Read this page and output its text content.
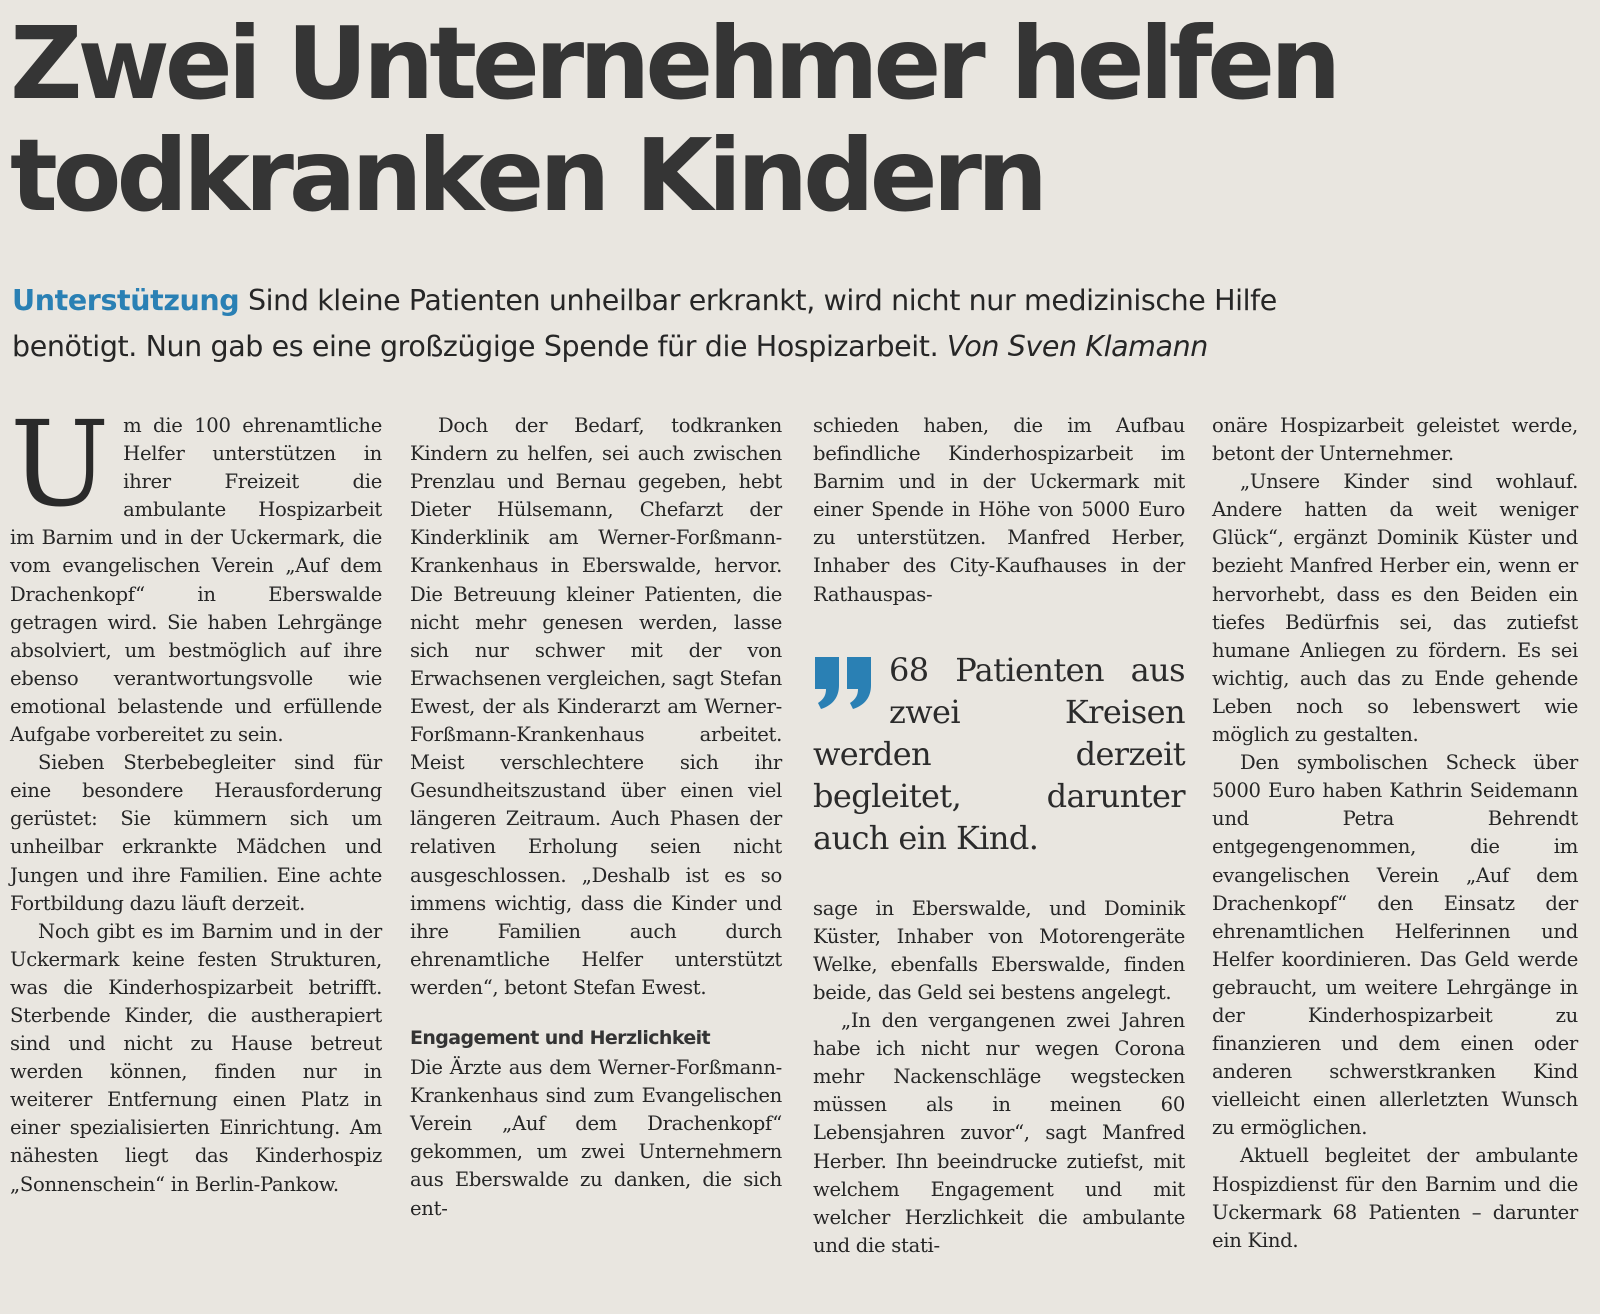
Zwei Unternehmer helfen
todkranken Kindern
Unterstützung Sind kleine Patienten unheilbar erkrankt, wird nicht nur medizinische Hilfe
benötigt. Nun gab es eine großzügige Spende für die Hospizarbeit. Von Sven Klamann
U m die 100 ehrenamtliche Helfer unterstützen in ihrer Freizeit die ambulante Hospizarbeit im Barnim und in der Uckermark, die vom evangelischen Verein „Auf dem Drachenkopf“ in Eberswalde getragen wird. Sie haben Lehrgänge absolviert, um bestmöglich auf ihre ebenso verantwortungsvolle wie emotional belastende und erfüllende Aufgabe vorbereitet zu sein.

Sieben Sterbebegleiter sind für eine besondere Herausforderung gerüstet: Sie kümmern sich um unheilbar erkrankte Mädchen und Jungen und ihre Familien. Eine achte Fortbildung dazu läuft derzeit.

Noch gibt es im Barnim und in der Uckermark keine festen Strukturen, was die Kinderhospizarbeit betrifft. Sterbende Kinder, die austherapiert sind und nicht zu Hause betreut werden können, finden nur in weiterer Entfernung einen Platz in einer spezialisierten Einrichtung. Am nähesten liegt das Kinderhospiz „Sonnenschein“ in Berlin-Pankow.

Doch der Bedarf, todkranken Kindern zu helfen, sei auch zwischen Prenzlau und Bernau gegeben, hebt Dieter Hülsemann, Chefarzt der Kinderklinik am Werner-Forßmann-Krankenhaus in Eberswalde, hervor. Die Betreuung kleiner Patienten, die nicht mehr genesen werden, lasse sich nur schwer mit der von Erwachsenen vergleichen, sagt Stefan Ewest, der als Kinderarzt am Werner-Forßmann-Krankenhaus arbeitet. Meist verschlechtere sich ihr Gesundheitszustand über einen viel längeren Zeitraum. Auch Phasen der relativen Erholung seien nicht ausgeschlossen. „Deshalb ist es so immens wichtig, dass die Kinder und ihre Familien auch durch ehrenamtliche Helfer unterstützt werden“, betont Stefan Ewest.

Engagement und Herzlichkeit

Die Ärzte aus dem Werner-Forßmann-Krankenhaus sind zum Evangelischen Verein „Auf dem Drachenkopf“ gekommen, um zwei Unternehmern aus Eberswalde zu danken, die sich ent-

schieden haben, die im Aufbau befindliche Kinderhospizarbeit im Barnim und in der Uckermark mit einer Spende in Höhe von 5000 Euro zu unterstützen. Manfred Herber, Inhaber des City-Kaufhauses in der Rathauspas-

68 Patienten aus zwei Kreisen werden derzeit begleitet, darunter auch ein Kind.

sage in Eberswalde, und Dominik Küster, Inhaber von Motorengeräte Welke, ebenfalls Eberswalde, finden beide, das Geld sei bestens angelegt.

„In den vergangenen zwei Jahren habe ich nicht nur wegen Corona mehr Nackenschläge wegstecken müssen als in meinen 60 Lebensjahren zuvor“, sagt Manfred Herber. Ihn beeindrucke zutiefst, mit welchem Engagement und mit welcher Herzlichkeit die ambulante und die stati-

onäre Hospizarbeit geleistet werde, betont der Unternehmer.

„Unsere Kinder sind wohlauf. Andere hatten da weit weniger Glück“, ergänzt Dominik Küster und bezieht Manfred Herber ein, wenn er hervorhebt, dass es den Beiden ein tiefes Bedürfnis sei, das zutiefst humane Anliegen zu fördern. Es sei wichtig, auch das zu Ende gehende Leben noch so lebenswert wie möglich zu gestalten.

Den symbolischen Scheck über 5000 Euro haben Kathrin Seidemann und Petra Behrendt entgegengenommen, die im evangelischen Verein „Auf dem Drachenkopf“ den Einsatz der ehrenamtlichen Helferinnen und Helfer koordinieren. Das Geld werde gebraucht, um weitere Lehrgänge in der Kinderhospizarbeit zu finanzieren und dem einen oder anderen schwerstkranken Kind vielleicht einen allerletzten Wunsch zu ermöglichen.

Aktuell begleitet der ambulante Hospizdienst für den Barnim und die Uckermark 68 Patienten – darunter ein Kind.
